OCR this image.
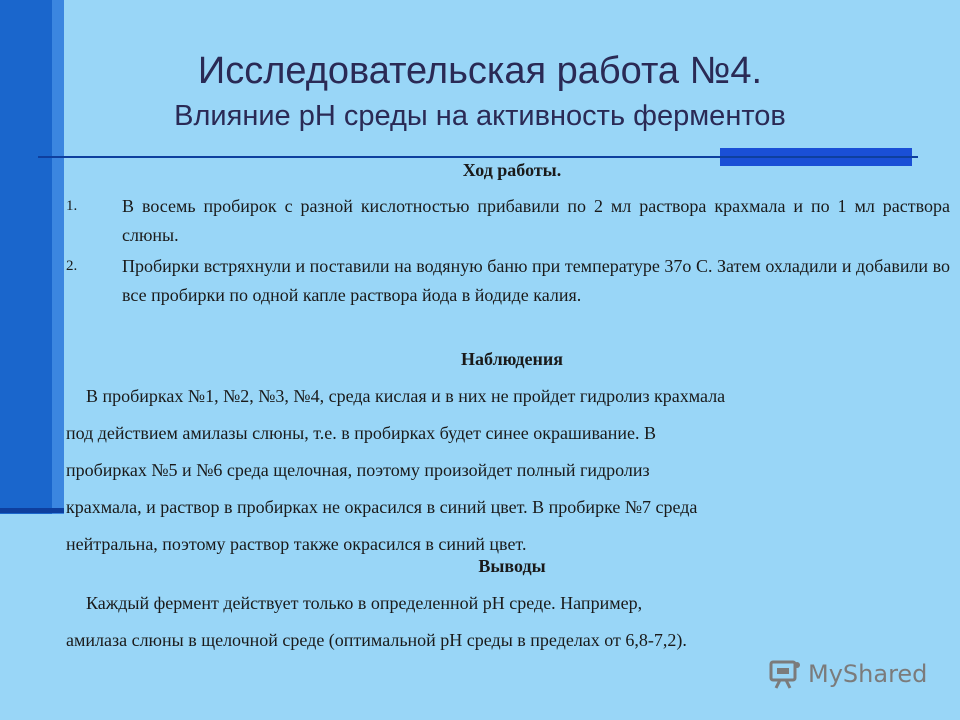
Исследовательская работа №4.
Влияние рН среды на активность ферментов
Ход работы.
1.	В восемь пробирок с разной кислотностью прибавили по 2 мл раствора крахмала и по 1 мл раствора слюны.
2.	Пробирки встряхнули и поставили на водяную баню при температуре 37о С. Затем охладили и добавили во все пробирки по одной капле раствора йода в йодиде калия.
Наблюдения
В пробирках №1, №2, №3, №4, среда кислая и в них не пройдет гидролиз крахмала
под действием амилазы слюны, т.е. в пробирках будет синее окрашивание. В
пробирках №5 и №6 среда щелочная, поэтому произойдет полный гидролиз
крахмала, и раствор в пробирках не окрасился в синий цвет. В пробирке №7 среда
нейтральна, поэтому раствор также окрасился в синий цвет.
Выводы
Каждый фермент действует только в определенной рН среде. Например,
амилаза слюны в щелочной среде (оптимальной рН среды в пределах от 6,8-7,2).
MyShared
